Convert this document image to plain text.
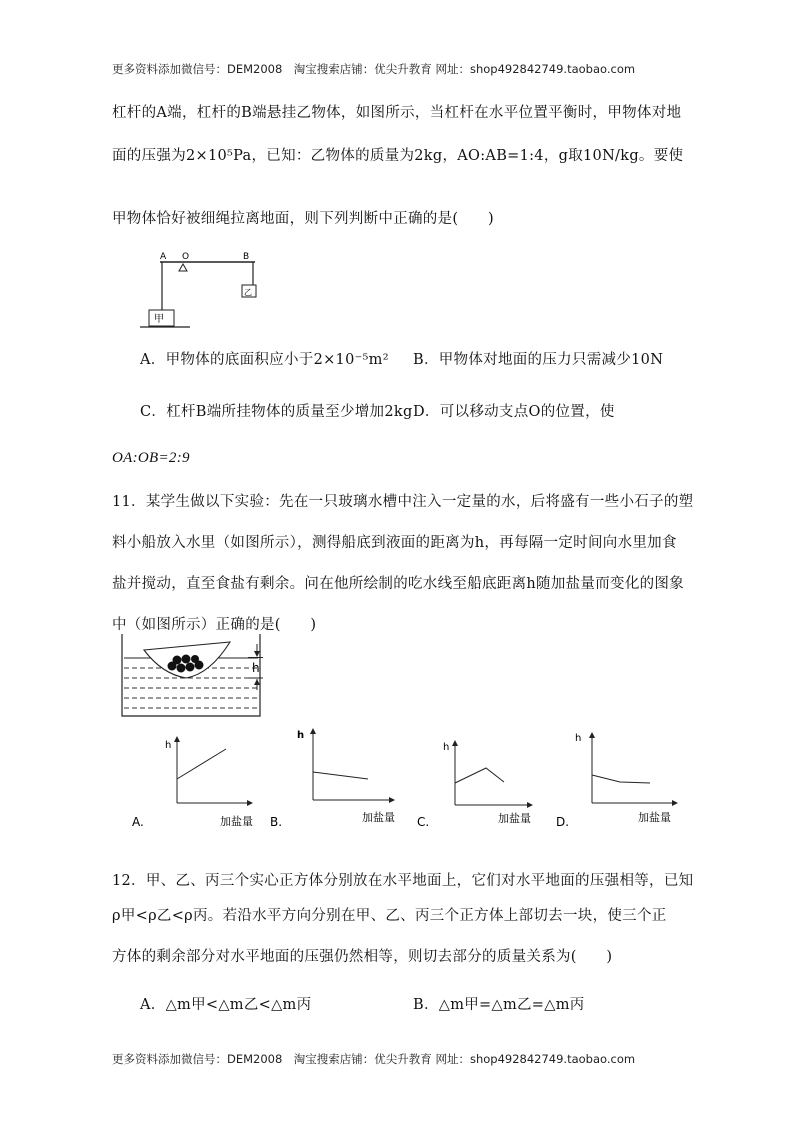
更多资料添加微信号：DEM2008　淘宝搜索店铺：优尖升教育 网址：shop492842749.taobao.com
杠杆的A端，杠杆的B端悬挂乙物体，如图所示，当杠杆在水平位置平衡时，甲物体对地
面的压强为2×10⁵Pa，已知：乙物体的质量为2kg，AO:AB=1:4，g取10N/kg。要使
甲物体恰好被细绳拉离地面，则下列判断中正确的是(　　)
A O	B
乙
甲
A．甲物体的底面积应小于2×10⁻⁵m² B．甲物体对地面的压力只需减少10N
C．杠杆B端所挂物体的质量至少增加2kg D．可以移动支点O的位置，使
OA:OB=2:9
11．某学生做以下实验：先在一只玻璃水槽中注入一定量的水，后将盛有一些小石子的塑
料小船放入水里（如图所示），测得船底到液面的距离为h，再每隔一定时间向水里加食
盐并搅动，直至食盐有剩余。问在他所绘制的吃水线至船底距离h随加盐量而变化的图象
中（如图所示）正确的是(　　)
h
h
A.	加盐量
h
B.	加盐量
h
C.	加盐量
h
D.	加盐量
12．甲、乙、丙三个实心正方体分别放在水平地面上，它们对水平地面的压强相等，已知
ρ甲<ρ乙<ρ丙。若沿水平方向分别在甲、乙、丙三个正方体上部切去一块，使三个正
方体的剩余部分对水平地面的压强仍然相等，则切去部分的质量关系为(　　)
A．△m甲<△m乙<△m丙	B．△m甲=△m乙=△m丙
更多资料添加微信号：DEM2008　淘宝搜索店铺：优尖升教育 网址：shop492842749.taobao.com
